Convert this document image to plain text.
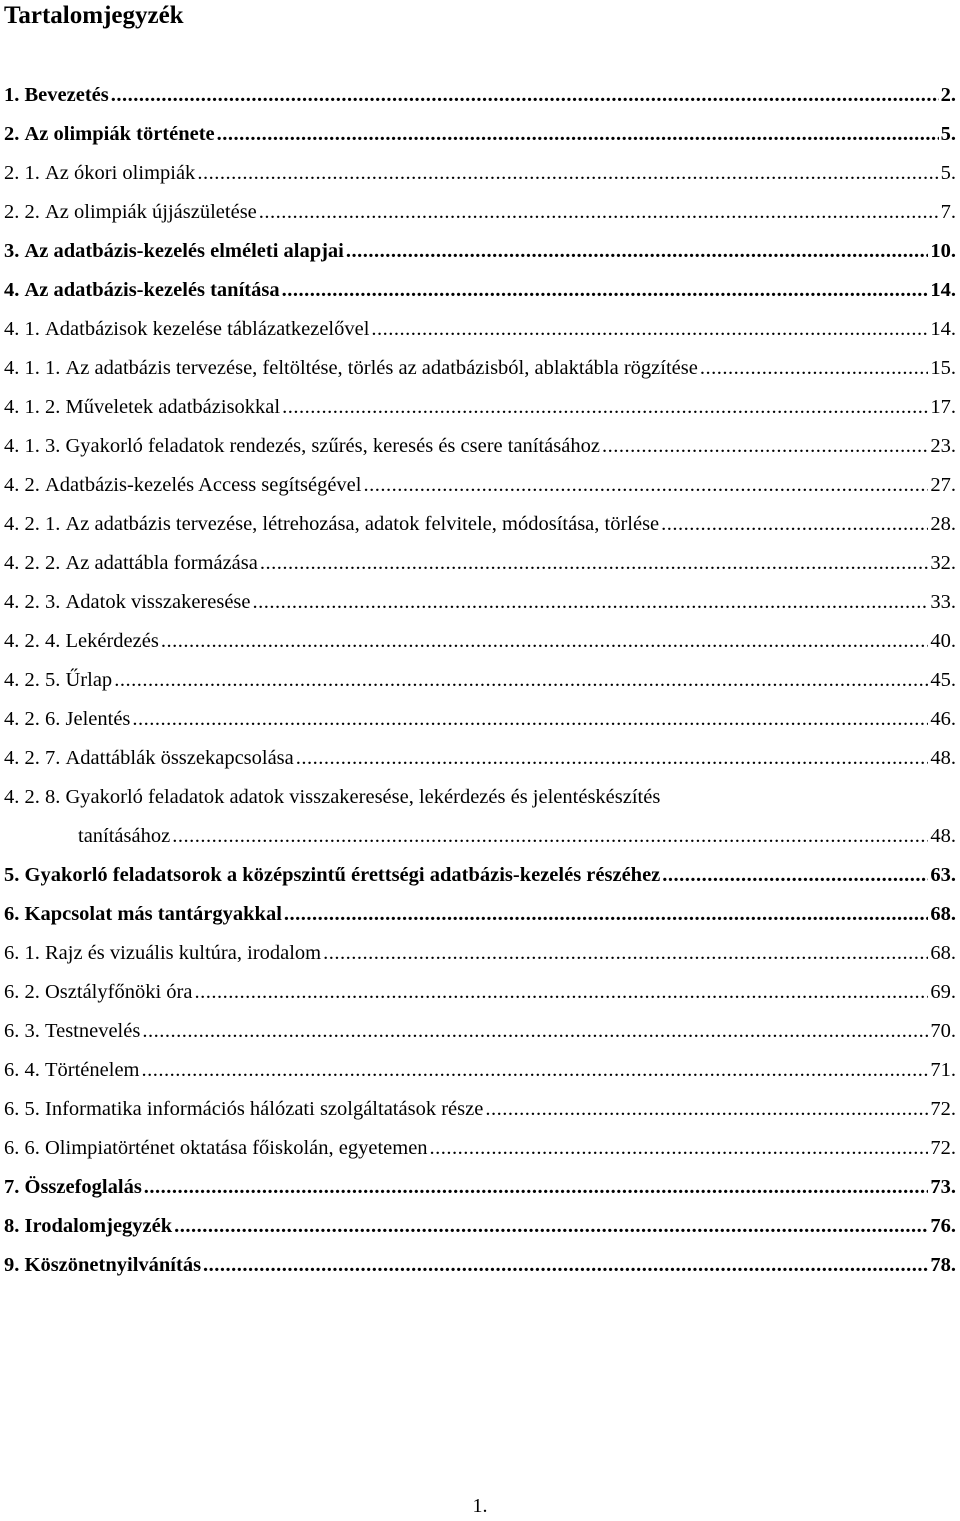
Tartalomjegyzék
1. Bevezetés .....	2.
2. Az olimpiák története .....	5.
2. 1. Az ókori olimpiák .....	5.
2. 2. Az olimpiák újjászületése .....	7.
3. Az adatbázis-kezelés elméleti alapjai .....	10.
4. Az adatbázis-kezelés tanítása .....	14.
4. 1. Adatbázisok kezelése táblázatkezelővel .....	14.
4. 1. 1. Az adatbázis tervezése, feltöltése, törlés az adatbázisból, ablaktábla rögzítése .....	15.
4. 1. 2. Műveletek adatbázisokkal .....	17.
4. 1. 3. Gyakorló feladatok rendezés, szűrés, keresés és csere tanításához .....	23.
4. 2. Adatbázis-kezelés Access segítségével .....	27.
4. 2. 1. Az adatbázis tervezése, létrehozása, adatok felvitele, módosítása, törlése .....	28.
4. 2. 2. Az adattábla formázása .....	32.
4. 2. 3. Adatok visszakeresése .....	33.
4. 2. 4. Lekérdezés .....	40.
4. 2. 5. Űrlap .....	45.
4. 2. 6. Jelentés .....	46.
4. 2. 7. Adattáblák összekapcsolása .....	48.
4. 2. 8. Gyakorló feladatok adatok visszakeresése, lekérdezés és jelentéskészítés
tanításához .....	48.
5. Gyakorló feladatsorok a középszintű érettségi adatbázis-kezelés részéhez .....	63.
6. Kapcsolat más tantárgyakkal .....	68.
6. 1. Rajz és vizuális kultúra, irodalom .....	68.
6. 2. Osztályfőnöki óra .....	69.
6. 3. Testnevelés .....	70.
6. 4. Történelem .....	71.
6. 5. Informatika információs hálózati szolgáltatások része .....	72.
6. 6. Olimpiatörténet oktatása főiskolán, egyetemen .....	72.
7. Összefoglalás .....	73.
8. Irodalomjegyzék .....	76.
9. Köszönetnyilvánítás .....	78.
1.
